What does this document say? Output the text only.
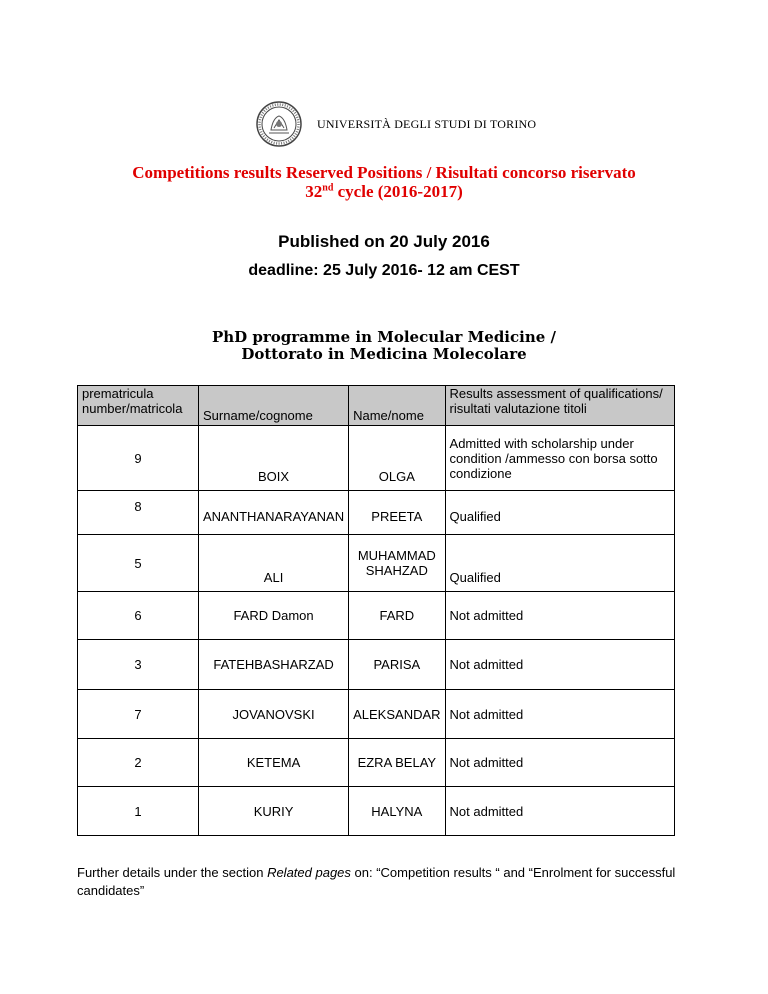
UNIVERSITÀ DEGLI STUDI DI TORINO
Competitions results Reserved Positions / Risultati concorso riservato
32nd cycle (2016-2017)
Published on 20 July 2016
deadline: 25 July 2016- 12 am CEST
PhD programme in Molecular Medicine /
Dottorato in Medicina Molecolare
prematricula number/matricola	Surname/cognome	Name/nome	Results assessment of qualifications/ risultati valutazione titoli
9	BOIX	OLGA	Admitted with scholarship under condition /ammesso con borsa sotto condizione
8	ANANTHANARAYANAN	PREETA	Qualified
5	ALI	MUHAMMAD SHAHZAD	Qualified
6	FARD Damon	FARD	Not admitted
3	FATEHBASHARZAD	PARISA	Not admitted
7	JOVANOVSKI	ALEKSANDAR	Not admitted
2	KETEMA	EZRA BELAY	Not admitted
1	KURIY	HALYNA	Not admitted
Further details under the section Related pages on: “Competition results “ and “Enrolment for successful candidates”
